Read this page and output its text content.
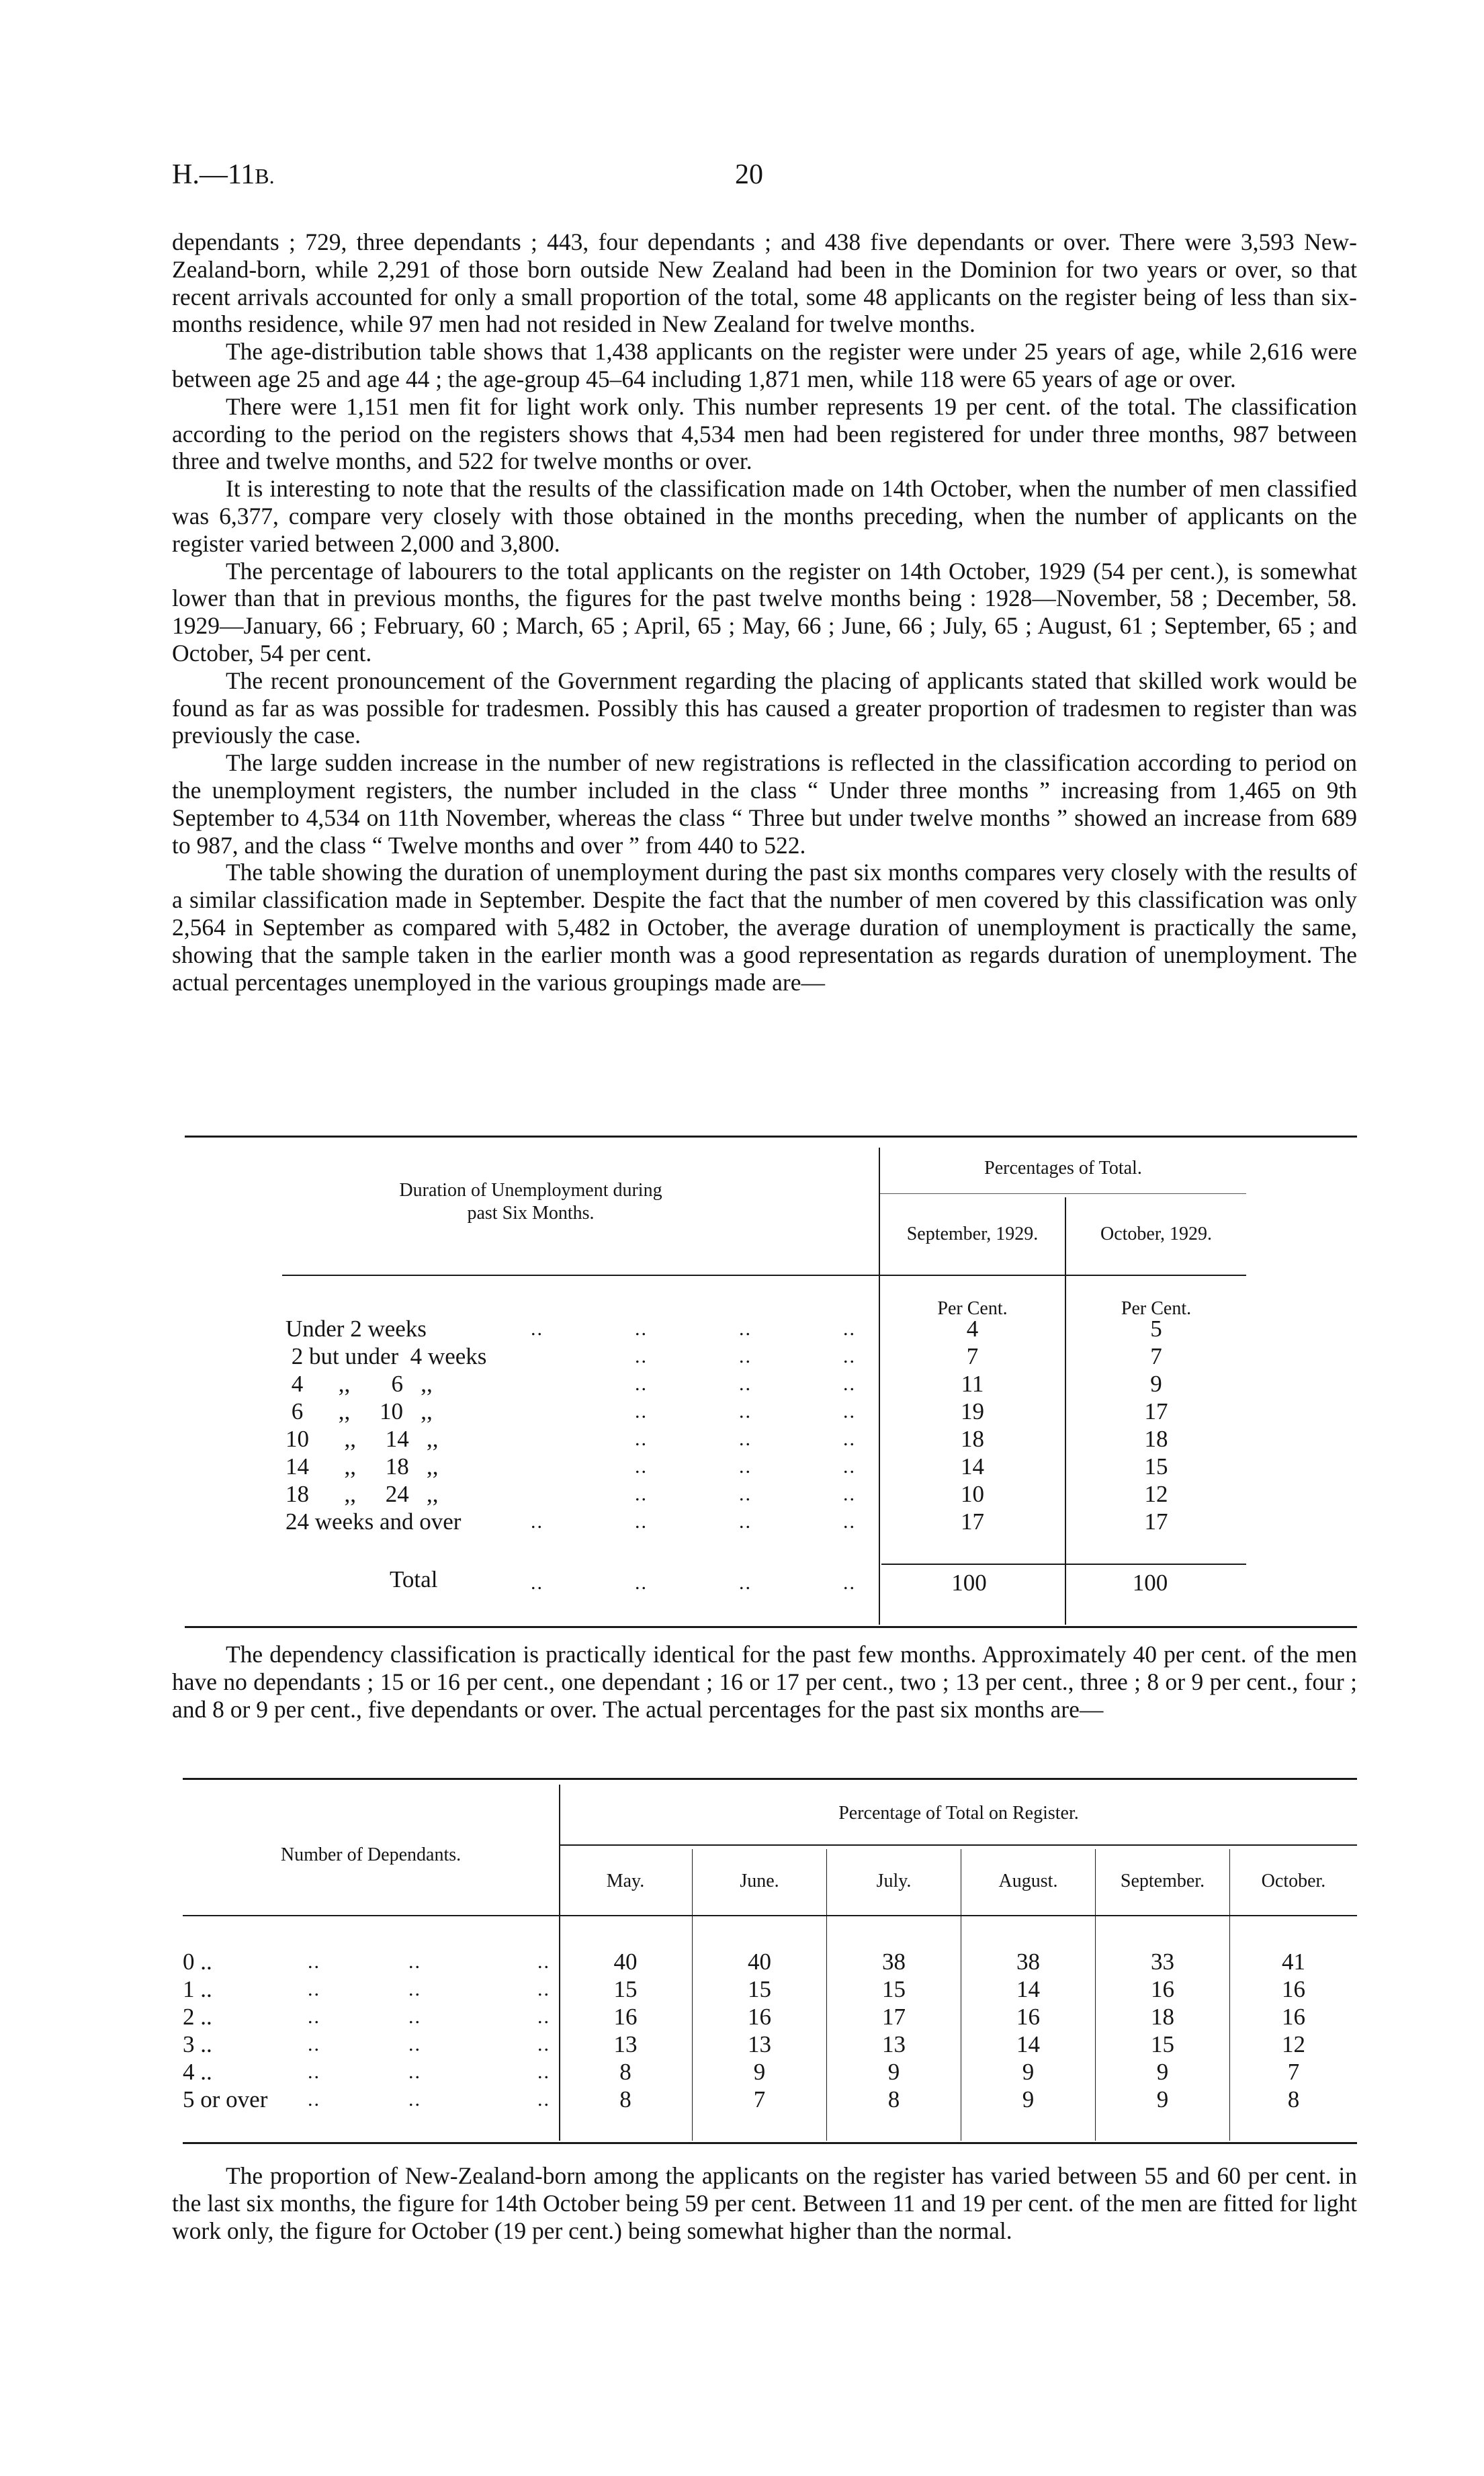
H.—11B.	20

dependants ; 729, three dependants ; 443, four dependants ; and 438 five dependants or over. There were 3,593 New-Zealand-born, while 2,291 of those born outside New Zealand had been in the Dominion for two years or over, so that recent arrivals accounted for only a small proportion of the total, some 48 applicants on the register being of less than six-months residence, while 97 men had not resided in New Zealand for twelve months.

The age-distribution table shows that 1,438 applicants on the register were under 25 years of age, while 2,616 were between age 25 and age 44 ; the age-group 45–64 including 1,871 men, while 118 were 65 years of age or over.

There were 1,151 men fit for light work only. This number represents 19 per cent. of the total. The classification according to the period on the registers shows that 4,534 men had been registered for under three months, 987 between three and twelve months, and 522 for twelve months or over.

It is interesting to note that the results of the classification made on 14th October, when the number of men classified was 6,377, compare very closely with those obtained in the months preceding, when the number of applicants on the register varied between 2,000 and 3,800.

The percentage of labourers to the total applicants on the register on 14th October, 1929 (54 per cent.), is somewhat lower than that in previous months, the figures for the past twelve months being : 1928—November, 58 ; December, 58. 1929—January, 66 ; February, 60 ; March, 65 ; April, 65 ; May, 66 ; June, 66 ; July, 65 ; August, 61 ; September, 65 ; and October, 54 per cent.

The recent pronouncement of the Government regarding the placing of applicants stated that skilled work would be found as far as was possible for tradesmen. Possibly this has caused a greater proportion of tradesmen to register than was previously the case.

The large sudden increase in the number of new registrations is reflected in the classification according to period on the unemployment registers, the number included in the class “ Under three months ” increasing from 1,465 on 9th September to 4,534 on 11th November, whereas the class “ Three but under twelve months ” showed an increase from 689 to 987, and the class “ Twelve months and over ” from 440 to 522.

The table showing the duration of unemployment during the past six months compares very closely with the results of a similar classification made in September. Despite the fact that the number of men covered by this classification was only 2,564 in September as compared with 5,482 in October, the average duration of unemployment is practically the same, showing that the sample taken in the earlier month was a good representation as regards duration of unemployment. The actual percentages unemployed in the various groupings made are—

Duration of Unemployment during
past Six Months.
Percentages of Total.
September, 1929.	October, 1929.
Per Cent.	Per Cent.
Under 2 weeks	..	..	..	..	4	5
2 but under  4 weeks	..	..	..	7	7
4      ,,       6   ,,	..	..	..	11	9
6      ,,     10   ,,	..	..	..	19	17
10      ,,     14   ,,	..	..	..	18	18
14      ,,     18   ,,	..	..	..	14	15
18      ,,     24   ,,	..	..	..	10	12
24 weeks and over	..	..	..	..	17	17
Total	..	..	..	..	100	100

The dependency classification is practically identical for the past few months. Approximately 40 per cent. of the men have no dependants ; 15 or 16 per cent., one dependant ; 16 or 17 per cent., two ; 13 per cent., three ; 8 or 9 per cent., four ; and 8 or 9 per cent., five dependants or over. The actual percentages for the past six months are—

Number of Dependants.
Percentage of Total on Register.
May.	June.	July.	August.	September.	October.
0 ..	..	..	..	40	40	38	38	33	41
1 ..	..	..	..	15	15	15	14	16	16
2 ..	..	..	..	16	16	17	16	18	16
3 ..	..	..	..	13	13	13	14	15	12
4 ..	..	..	..	8	9	9	9	9	7
5 or over ..	..	..	8	7	8	9	9	8

The proportion of New-Zealand-born among the applicants on the register has varied between 55 and 60 per cent. in the last six months, the figure for 14th October being 59 per cent. Between 11 and 19 per cent. of the men are fitted for light work only, the figure for October (19 per cent.) being somewhat higher than the normal.
